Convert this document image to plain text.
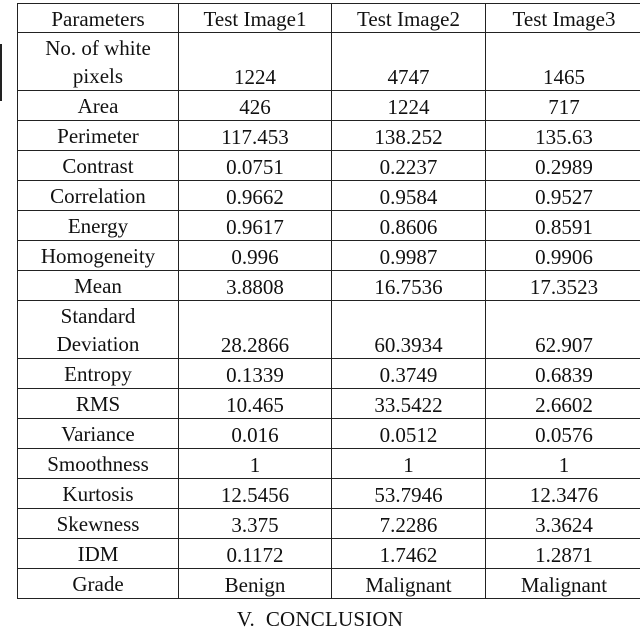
Parameters	Test Image1	Test Image2	Test Image3
No. of white pixels	1224	4747	1465
Area	426	1224	717
Perimeter	117.453	138.252	135.63
Contrast	0.0751	0.2237	0.2989
Correlation	0.9662	0.9584	0.9527
Energy	0.9617	0.8606	0.8591
Homogeneity	0.996	0.9987	0.9906
Mean	3.8808	16.7536	17.3523
Standard Deviation	28.2866	60.3934	62.907
Entropy	0.1339	0.3749	0.6839
RMS	10.465	33.5422	2.6602
Variance	0.016	0.0512	0.0576
Smoothness	1	1	1
Kurtosis	12.5456	53.7946	12.3476
Skewness	3.375	7.2286	3.3624
IDM	0.1172	1.7462	1.2871
Grade	Benign	Malignant	Malignant
V.  CONCLUSION
